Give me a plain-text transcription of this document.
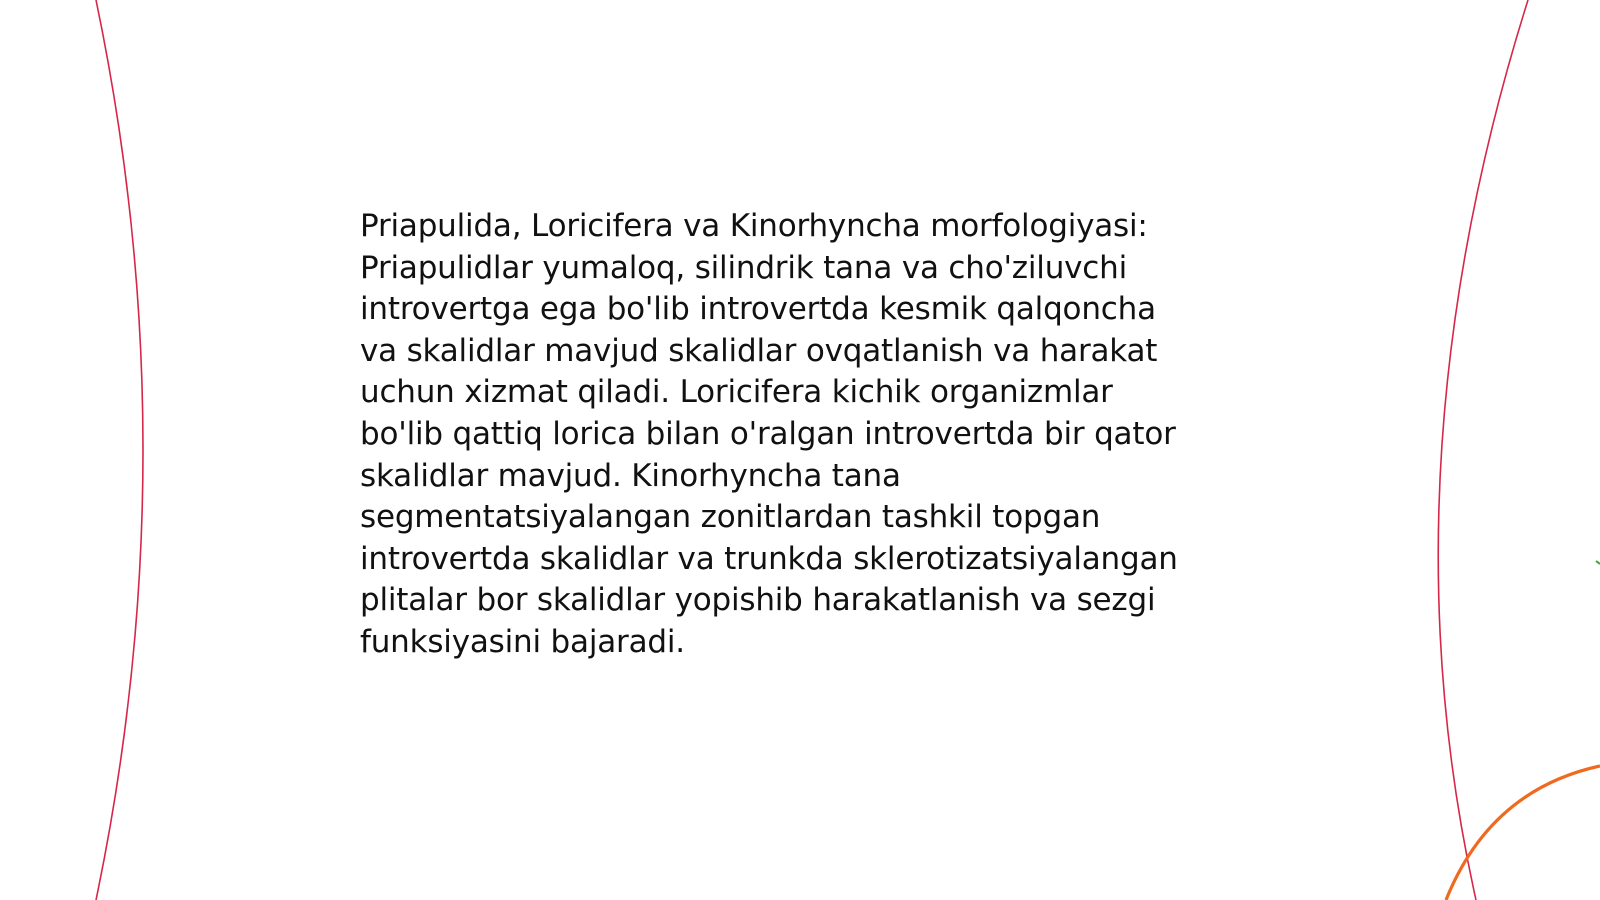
Priapulida, Loricifera va Kinorhyncha morfologiyasi:
Priapulidlar yumaloq, silindrik tana va cho'ziluvchi
introvertga ega bo'lib introvertda kesmik qalqoncha
va skalidlar mavjud skalidlar ovqatlanish va harakat
uchun xizmat qiladi. Loricifera kichik organizmlar
bo'lib qattiq lorica bilan o'ralgan introvertda bir qator
skalidlar mavjud. Kinorhyncha tana
segmentatsiyalangan zonitlardan tashkil topgan
introvertda skalidlar va trunkda sklerotizatsiyalangan
plitalar bor skalidlar yopishib harakatlanish va sezgi
funksiyasini bajaradi.
